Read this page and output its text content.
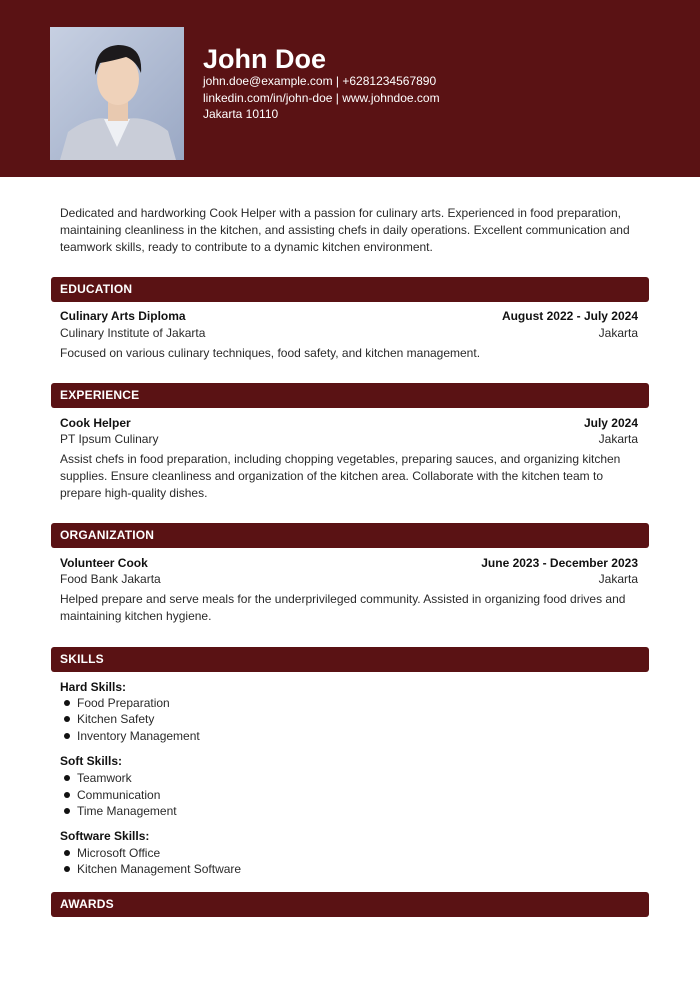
John Doe
john.doe@example.com | +6281234567890
linkedin.com/in/john-doe | www.johndoe.com
Jakarta 10110
Dedicated and hardworking Cook Helper with a passion for culinary arts. Experienced in food preparation, maintaining cleanliness in the kitchen, and assisting chefs in daily operations. Excellent communication and teamwork skills, ready to contribute to a dynamic kitchen environment.
EDUCATION
Culinary Arts Diploma	August 2022 - July 2024
Culinary Institute of Jakarta	Jakarta
Focused on various culinary techniques, food safety, and kitchen management.
EXPERIENCE
Cook Helper	July 2024
PT Ipsum Culinary	Jakarta
Assist chefs in food preparation, including chopping vegetables, preparing sauces, and organizing kitchen supplies. Ensure cleanliness and organization of the kitchen area. Collaborate with the kitchen team to prepare high-quality dishes.
ORGANIZATION
Volunteer Cook	June 2023 - December 2023
Food Bank Jakarta	Jakarta
Helped prepare and serve meals for the underprivileged community. Assisted in organizing food drives and maintaining kitchen hygiene.
SKILLS
Hard Skills:
Food Preparation
Kitchen Safety
Inventory Management
Soft Skills:
Teamwork
Communication
Time Management
Software Skills:
Microsoft Office
Kitchen Management Software
AWARDS
